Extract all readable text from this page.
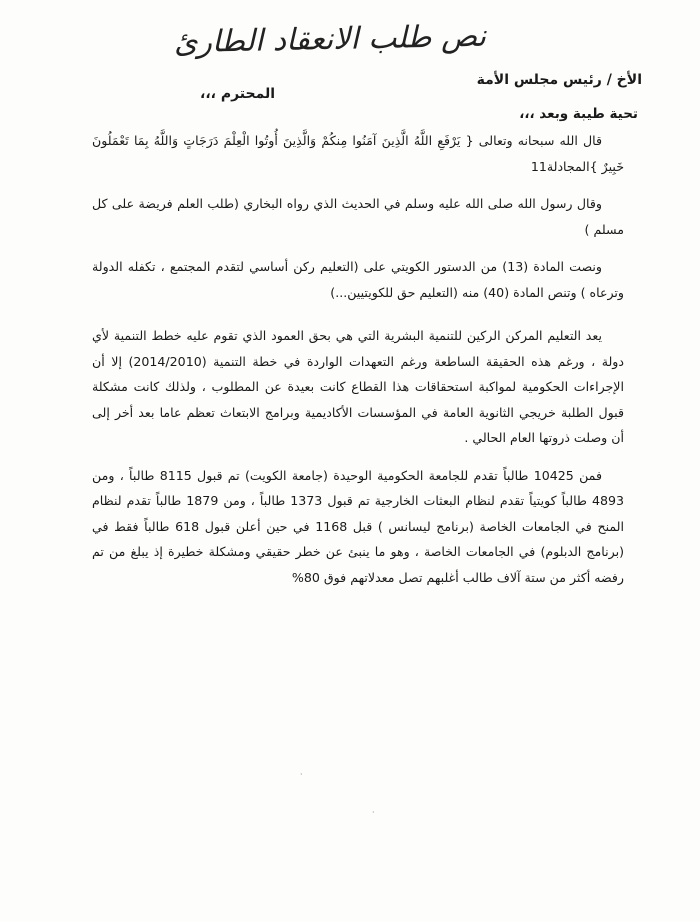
نص طلب الانعقاد الطارئ
الأخ / رئيس مجلس الأمة
المحترم ،،،
تحية طيبة وبعد ،،،

قال الله سبحانه وتعالى { يَرْفَعِ اللَّهُ الَّذِينَ آمَنُوا مِنكُمْ وَالَّذِينَ أُوتُوا الْعِلْمَ دَرَجَاتٍ وَاللَّهُ بِمَا تَعْمَلُونَ خَبِيرٌ }المجادلة11

وقال رسول الله صلى الله عليه وسلم في الحديث الذي رواه البخاري (طلب العلم فريضة على كل مسلم )

ونصت المادة (13) من الدستور الكويتي على (التعليم ركن أساسي لتقدم المجتمع ، تكفله الدولة وترعاه ) وتنص المادة (40) منه (التعليم حق للكويتيين...)

يعد التعليم المركن الركين للتنمية البشرية التي هي بحق العمود الذي تقوم عليه خطط التنمية لأي دولة ، ورغم هذه الحقيقة الساطعة ورغم التعهدات الواردة في خطة التنمية (2014/2010) إلا أن الإجراءات الحكومية لمواكبة استحقاقات هذا القطاع كانت بعيدة عن المطلوب ، ولذلك كانت مشكلة قبول الطلبة خريجي الثانوية العامة في المؤسسات الأكاديمية وبرامج الابتعاث تعظم عاما بعد أخر إلى أن وصلت ذروتها العام الحالي .

فمن 10425 طالباً تقدم للجامعة الحكومية الوحيدة (جامعة الكويت) تم قبول 8115 طالباً ، ومن 4893 طالباً كويتياً تقدم لنظام البعثات الخارجية تم قبول 1373 طالباً ، ومن 1879 طالباً تقدم لنظام المنح في الجامعات الخاصة (برنامج ليسانس ) قبل 1168 في حين أعلن قبول 618 طالباً فقط في (برنامج الدبلوم) في الجامعات الخاصة ، وهو ما ينبئ عن خطر حقيقي ومشكلة خطيرة إذ يبلغ من تم رفضه أكثر من ستة آلاف طالب أغلبهم تصل معدلاتهم فوق 80%

·
·
